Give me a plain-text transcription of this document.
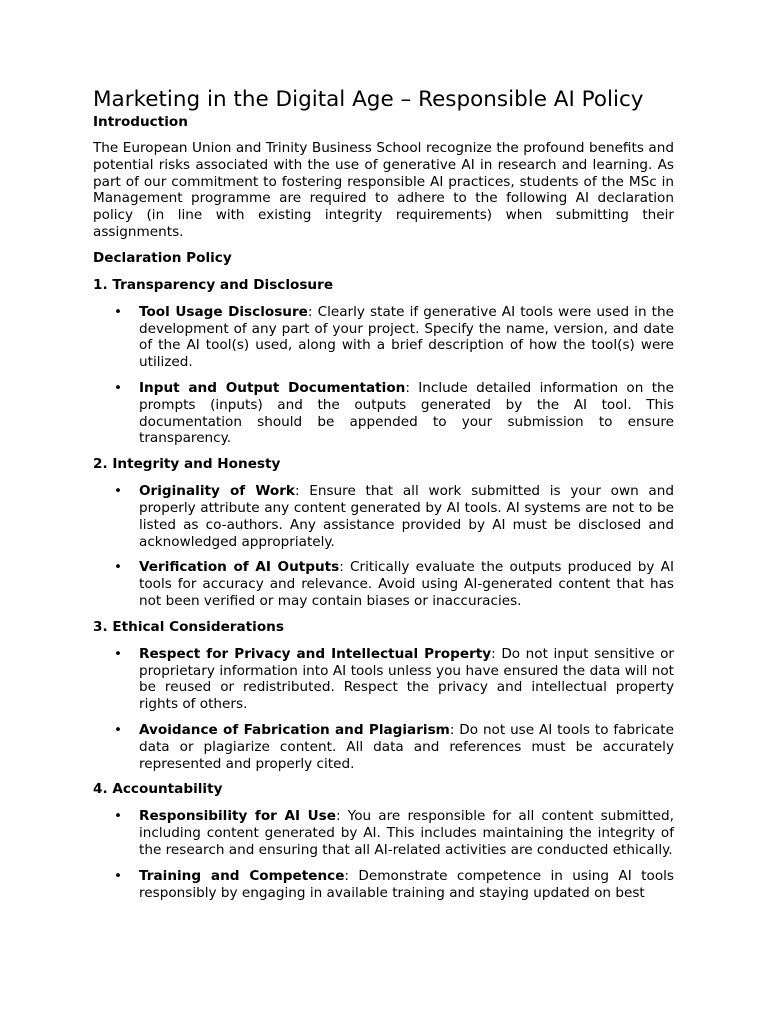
Marketing in the Digital Age – Responsible AI Policy
Introduction

The European Union and Trinity Business School recognize the profound benefits and potential risks associated with the use of generative AI in research and learning. As part of our commitment to fostering responsible AI practices, students of the MSc in Management programme are required to adhere to the following AI declaration policy (in line with existing integrity requirements) when submitting their assignments.

Declaration Policy
1. Transparency and Disclosure
• Tool Usage Disclosure: Clearly state if generative AI tools were used in the development of any part of your project. Specify the name, version, and date of the AI tool(s) used, along with a brief description of how the tool(s) were utilized.
• Input and Output Documentation: Include detailed information on the prompts (inputs) and the outputs generated by the AI tool. This documentation should be appended to your submission to ensure transparency.
2. Integrity and Honesty
• Originality of Work: Ensure that all work submitted is your own and properly attribute any content generated by AI tools. AI systems are not to be listed as co-authors. Any assistance provided by AI must be disclosed and acknowledged appropriately.
• Verification of AI Outputs: Critically evaluate the outputs produced by AI tools for accuracy and relevance. Avoid using AI-generated content that has not been verified or may contain biases or inaccuracies.
3. Ethical Considerations
• Respect for Privacy and Intellectual Property: Do not input sensitive or proprietary information into AI tools unless you have ensured the data will not be reused or redistributed. Respect the privacy and intellectual property rights of others.
• Avoidance of Fabrication and Plagiarism: Do not use AI tools to fabricate data or plagiarize content. All data and references must be accurately represented and properly cited.
4. Accountability
• Responsibility for AI Use: You are responsible for all content submitted, including content generated by AI. This includes maintaining the integrity of the research and ensuring that all AI-related activities are conducted ethically.
• Training and Competence: Demonstrate competence in using AI tools responsibly by engaging in available training and staying updated on best
